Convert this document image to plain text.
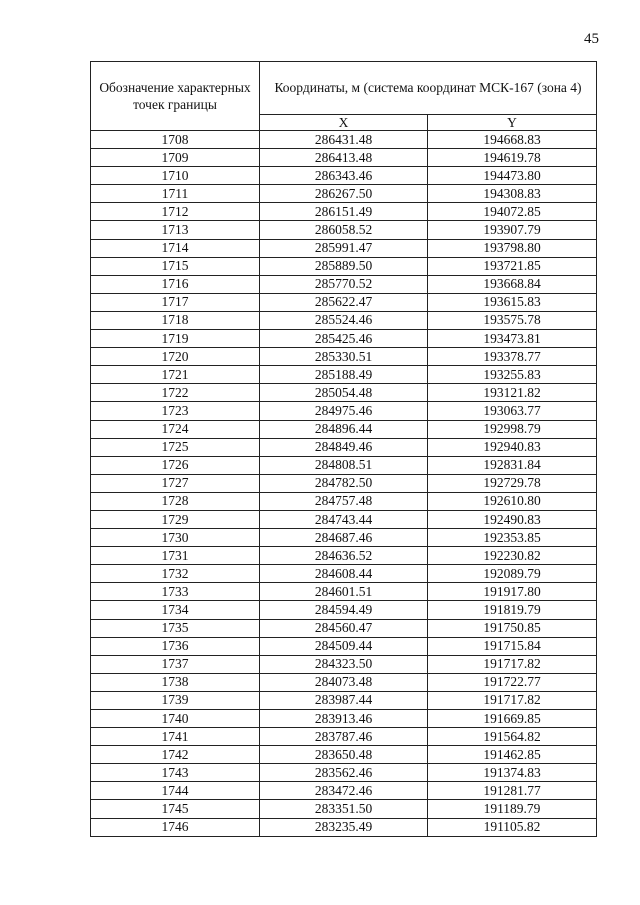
45
Обозначение характерных точек границы	Координаты, м (система координат МСК-167 (зона 4)	
	X	Y
1708	286431.48	194668.83
1709	286413.48	194619.78
1710	286343.46	194473.80
1711	286267.50	194308.83
1712	286151.49	194072.85
1713	286058.52	193907.79
1714	285991.47	193798.80
1715	285889.50	193721.85
1716	285770.52	193668.84
1717	285622.47	193615.83
1718	285524.46	193575.78
1719	285425.46	193473.81
1720	285330.51	193378.77
1721	285188.49	193255.83
1722	285054.48	193121.82
1723	284975.46	193063.77
1724	284896.44	192998.79
1725	284849.46	192940.83
1726	284808.51	192831.84
1727	284782.50	192729.78
1728	284757.48	192610.80
1729	284743.44	192490.83
1730	284687.46	192353.85
1731	284636.52	192230.82
1732	284608.44	192089.79
1733	284601.51	191917.80
1734	284594.49	191819.79
1735	284560.47	191750.85
1736	284509.44	191715.84
1737	284323.50	191717.82
1738	284073.48	191722.77
1739	283987.44	191717.82
1740	283913.46	191669.85
1741	283787.46	191564.82
1742	283650.48	191462.85
1743	283562.46	191374.83
1744	283472.46	191281.77
1745	283351.50	191189.79
1746	283235.49	191105.82
